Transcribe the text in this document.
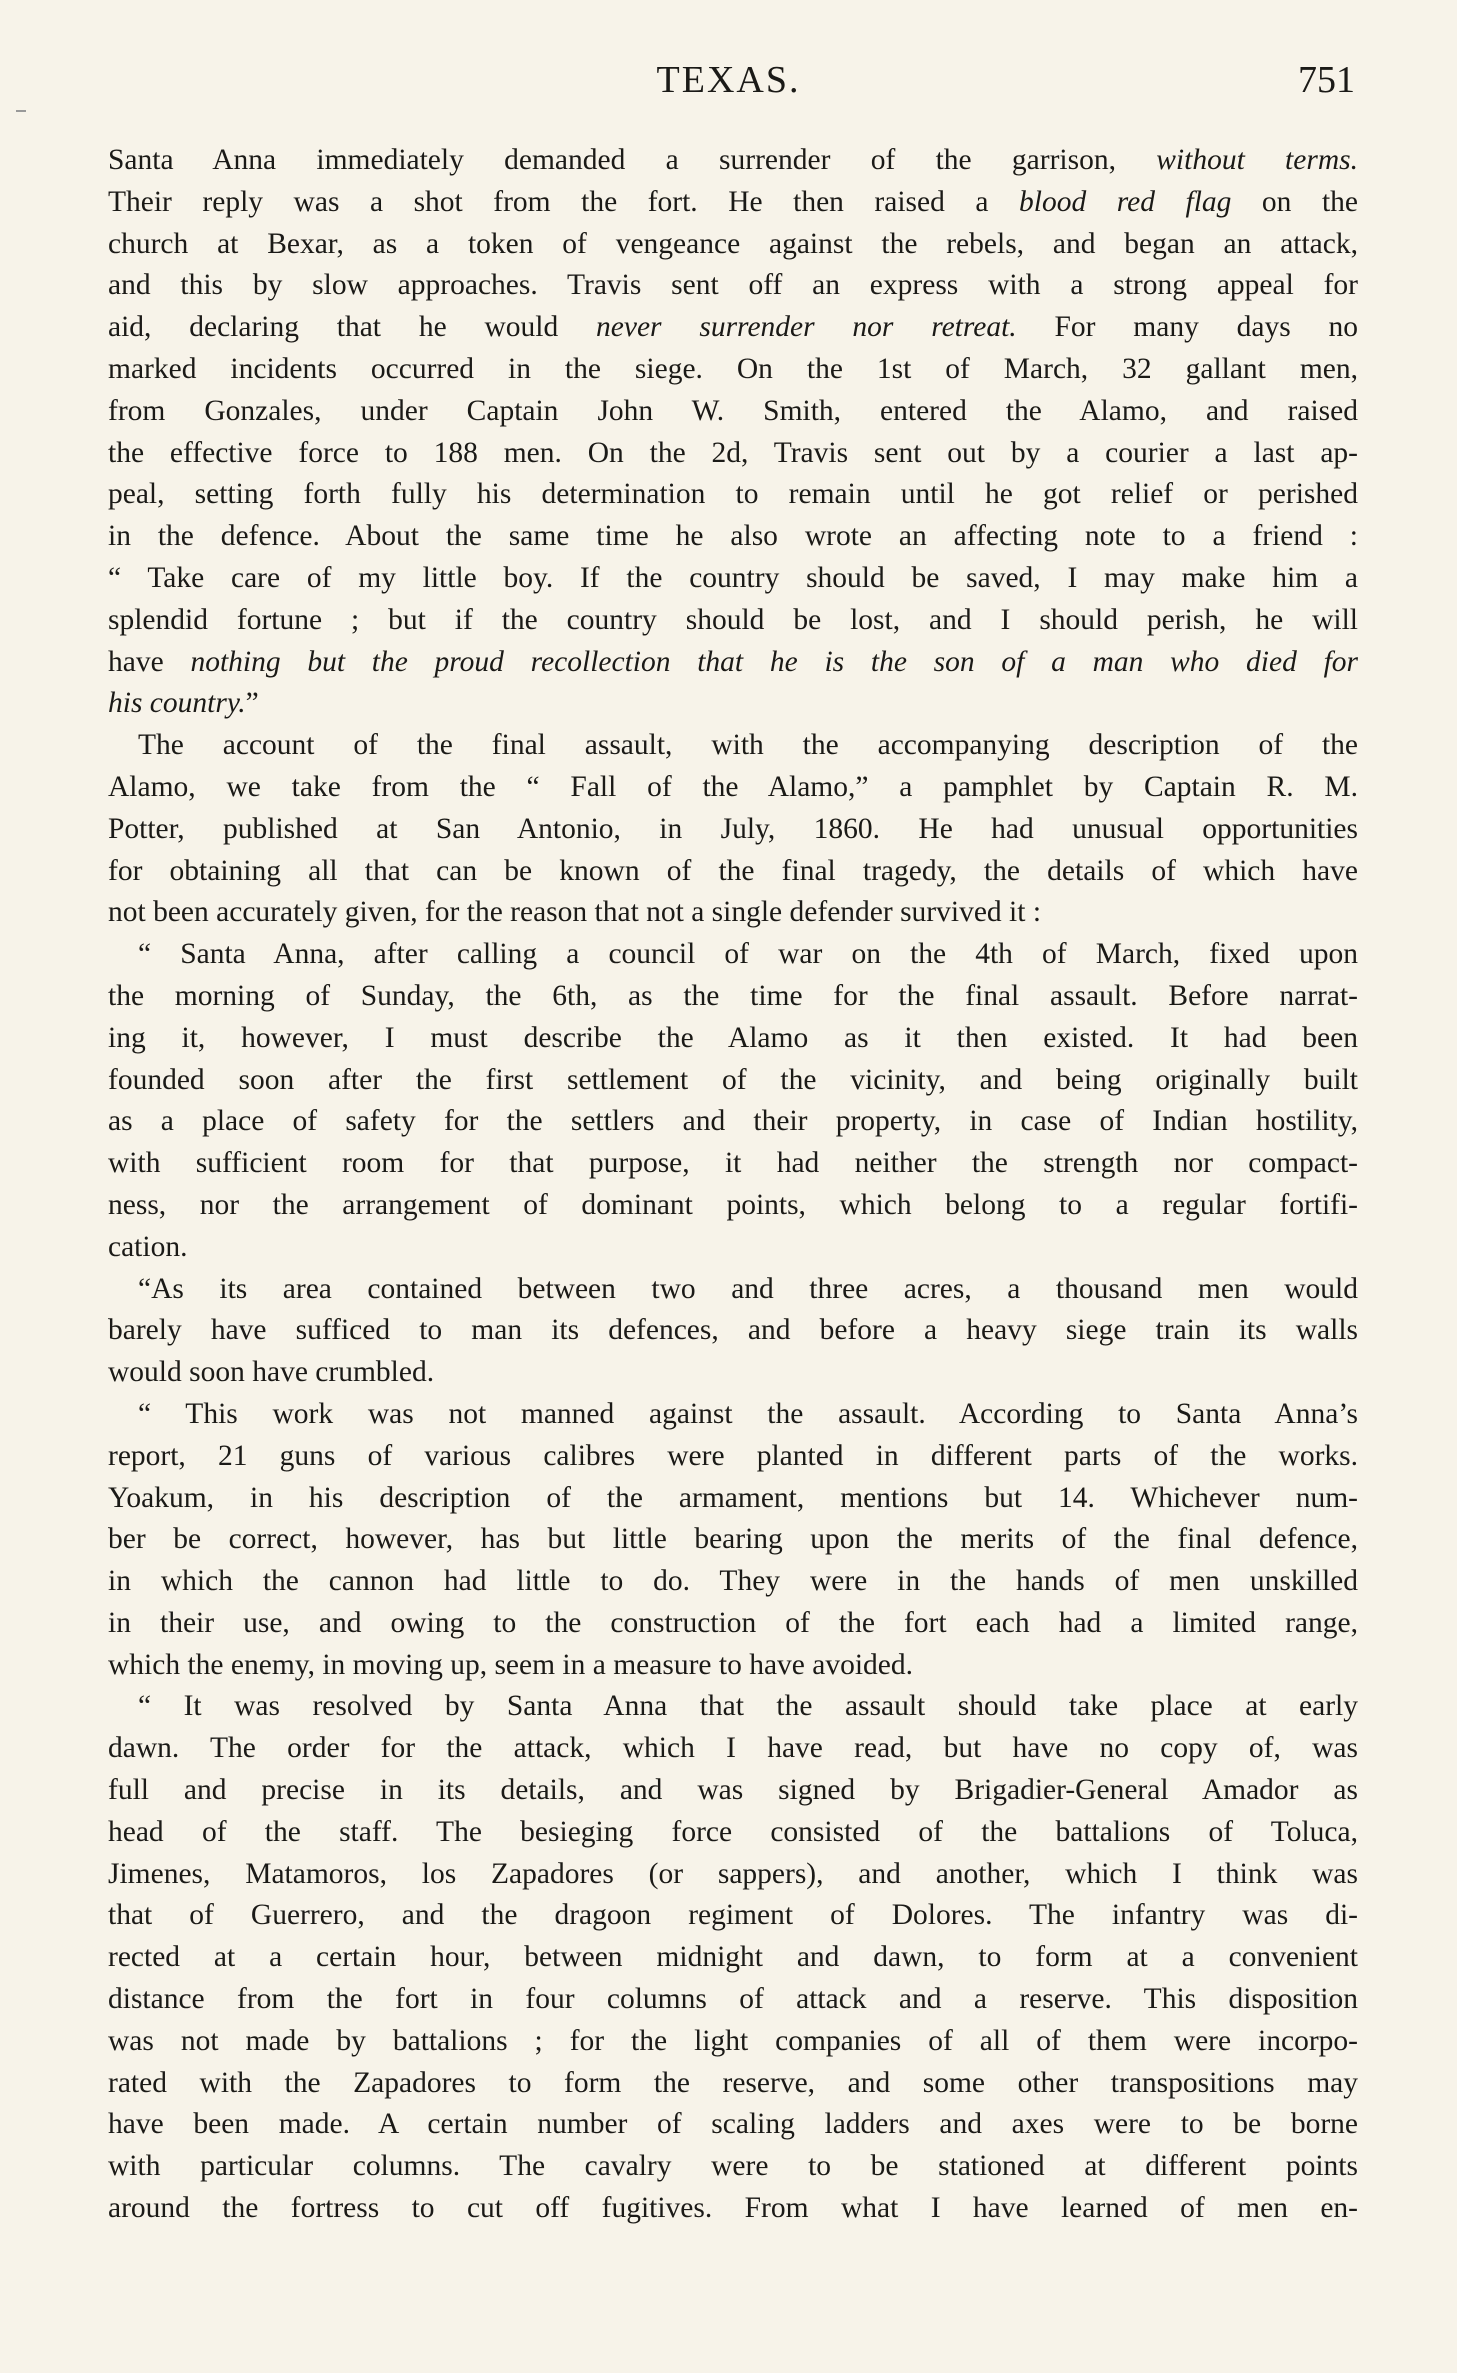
TEXAS.	751
Santa Anna immediately demanded a surrender of the garrison, without terms.
Their reply was a shot from the fort. He then raised a blood red flag on the
church at Bexar, as a token of vengeance against the rebels, and began an attack,
and this by slow approaches. Travis sent off an express with a strong appeal for
aid, declaring that he would never surrender nor retreat. For many days no
marked incidents occurred in the siege. On the 1st of March, 32 gallant men,
from Gonzales, under Captain John W. Smith, entered the Alamo, and raised
the effective force to 188 men. On the 2d, Travis sent out by a courier a last ap-
peal, setting forth fully his determination to remain until he got relief or perished
in the defence. About the same time he also wrote an affecting note to a friend :
“ Take care of my little boy. If the country should be saved, I may make him a
splendid fortune ; but if the country should be lost, and I should perish, he will
have nothing but the proud recollection that he is the son of a man who died for
his country.”
The account of the final assault, with the accompanying description of the
Alamo, we take from the “ Fall of the Alamo,” a pamphlet by Captain R. M.
Potter, published at San Antonio, in July, 1860. He had unusual opportunities
for obtaining all that can be known of the final tragedy, the details of which have
not been accurately given, for the reason that not a single defender survived it :
“ Santa Anna, after calling a council of war on the 4th of March, fixed upon
the morning of Sunday, the 6th, as the time for the final assault. Before narrat-
ing it, however, I must describe the Alamo as it then existed. It had been
founded soon after the first settlement of the vicinity, and being originally built
as a place of safety for the settlers and their property, in case of Indian hostility,
with sufficient room for that purpose, it had neither the strength nor compact-
ness, nor the arrangement of dominant points, which belong to a regular fortifi-
cation.
“As its area contained between two and three acres, a thousand men would
barely have sufficed to man its defences, and before a heavy siege train its walls
would soon have crumbled.
“ This work was not manned against the assault. According to Santa Anna’s
report, 21 guns of various calibres were planted in different parts of the works.
Yoakum, in his description of the armament, mentions but 14. Whichever num-
ber be correct, however, has but little bearing upon the merits of the final defence,
in which the cannon had little to do. They were in the hands of men unskilled
in their use, and owing to the construction of the fort each had a limited range,
which the enemy, in moving up, seem in a measure to have avoided.
“ It was resolved by Santa Anna that the assault should take place at early
dawn. The order for the attack, which I have read, but have no copy of, was
full and precise in its details, and was signed by Brigadier-General Amador as
head of the staff. The besieging force consisted of the battalions of Toluca,
Jimenes, Matamoros, los Zapadores (or sappers), and another, which I think was
that of Guerrero, and the dragoon regiment of Dolores. The infantry was di-
rected at a certain hour, between midnight and dawn, to form at a convenient
distance from the fort in four columns of attack and a reserve. This disposition
was not made by battalions ; for the light companies of all of them were incorpo-
rated with the Zapadores to form the reserve, and some other transpositions may
have been made. A certain number of scaling ladders and axes were to be borne
with particular columns. The cavalry were to be stationed at different points
around the fortress to cut off fugitives. From what I have learned of men en-
